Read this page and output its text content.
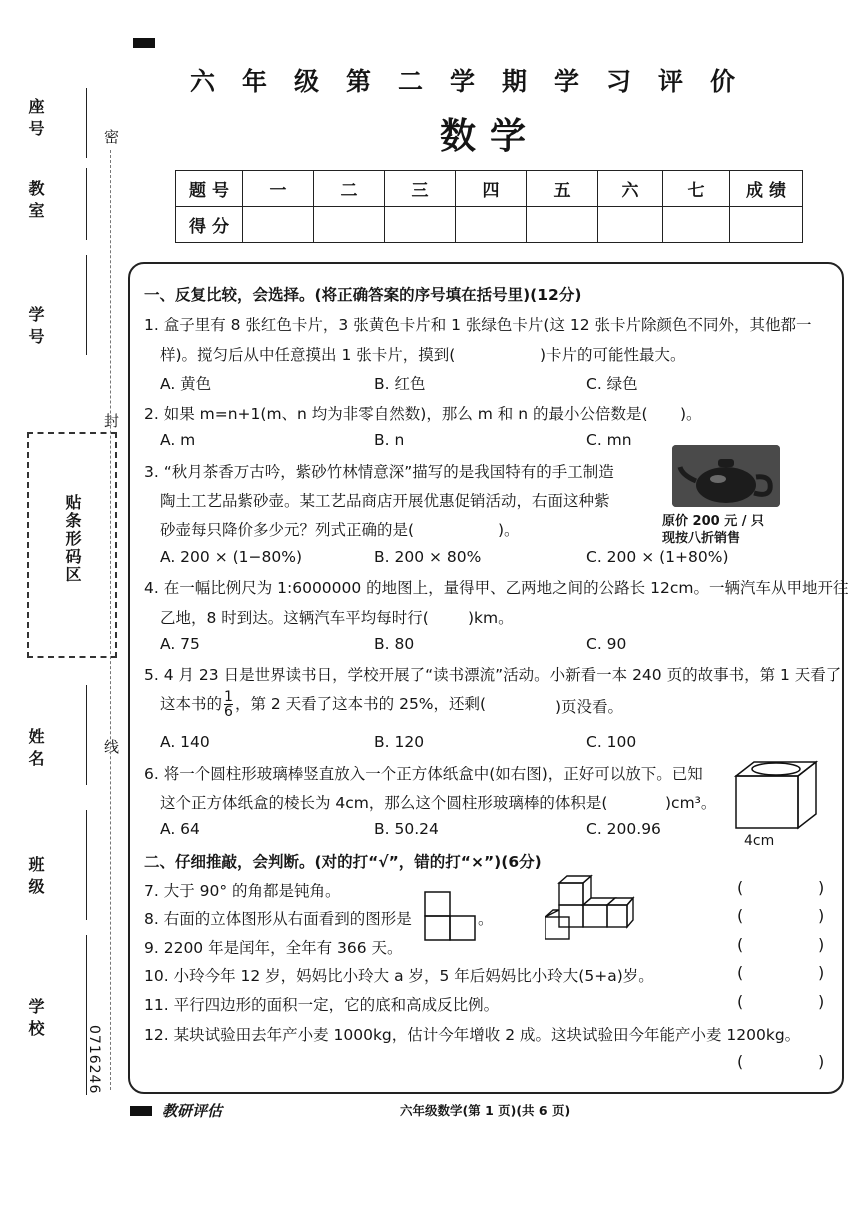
座号
教室
学号
姓名
班级
学校
贴条形码区
密
封
线
0716246
六年级第二学期学习评价
数学
题 号	一	二	三	四	五	六	七	成 绩
得 分								
一、反复比较，会选择。(将正确答案的序号填在括号里)(12分)
1. 盒子里有 8 张红色卡片，3 张黄色卡片和 1 张绿色卡片(这 12 张卡片除颜色不同外，其他都一
样)。搅匀后从中任意摸出 1 张卡片，摸到(	)卡片的可能性最大。
A. 黄色	B. 红色	C. 绿色
2. 如果 m=n+1(m、n 均为非零自然数)，那么 m 和 n 的最小公倍数是( )。
A. m	B. n	C. mn
3. “秋月茶香万古吟，紫砂竹林情意深”描写的是我国特有的手工制造
陶土工艺品紫砂壶。某工艺品商店开展优惠促销活动，右面这种紫
砂壶每只降价多少元？列式正确的是(	)。	原价 200 元 / 只
现按八折销售
A. 200 × (1−80%)	B. 200 × 80%	C. 200 × (1+80%)
4. 在一幅比例尺为 1:6000000 的地图上，量得甲、乙两地之间的公路长 12cm。一辆汽车从甲地开往
乙地，8 时到达。这辆汽车平均每时行(	)km。
A. 75	B. 80	C. 90
5. 4 月 23 日是世界读书日，学校开展了“读书漂流”活动。小新看一本 240 页的故事书，第 1 天看了
这本书的 $\frac{1}{6}$ ，第 2 天看了这本书的 25%，还剩(	)页没看。
A. 140	B. 120	C. 100
6. 将一个圆柱形玻璃棒竖直放入一个正方体纸盒中(如右图)，正好可以放下。已知
这个正方体纸盒的棱长为 4cm，那么这个圆柱形玻璃棒的体积是(	)cm³。
A. 64	B. 50.24	C. 200.96
4cm
二、仔细推敲，会判断。(对的打“√”，错的打“×”)(6分)
7. 大于 90° 的角都是钝角。
8. 右面的立体图形从右面看到的图形是	。
9. 2200 年是闰年，全年有 366 天。
10. 小玲今年 12 岁，妈妈比小玲大 a 岁，5 年后妈妈比小玲大(5+a)岁。
11. 平行四边形的面积一定，它的底和高成反比例。
12. 某块试验田去年产小麦 1000kg，估计今年增收 2 成。这块试验田今年能产小麦 1200kg。
(	)
(	)
(	)
(	)
(	)
(	)
教研评估	六年级数学(第 1 页)(共 6 页)
